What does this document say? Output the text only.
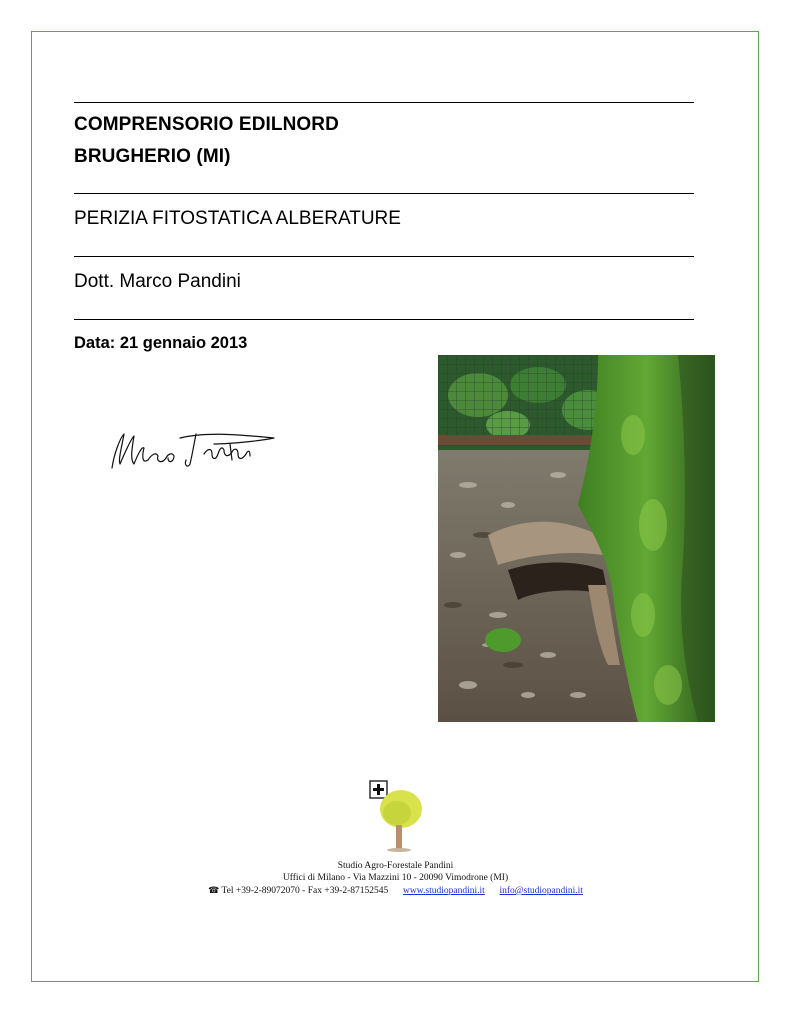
COMPRENSORIO EDILNORD
BRUGHERIO (MI)
PERIZIA FITOSTATICA ALBERATURE
Dott. Marco Pandini
Data: 21 gennaio 2013
Studio Agro-Forestale Pandini
Uffici di Milano - Via Mazzini 10 - 20090 Vimodrone (MI)
☎ Tel +39-2-89072070 - Fax +39-2-87152545 www.studiopandini.it info@studiopandini.it
